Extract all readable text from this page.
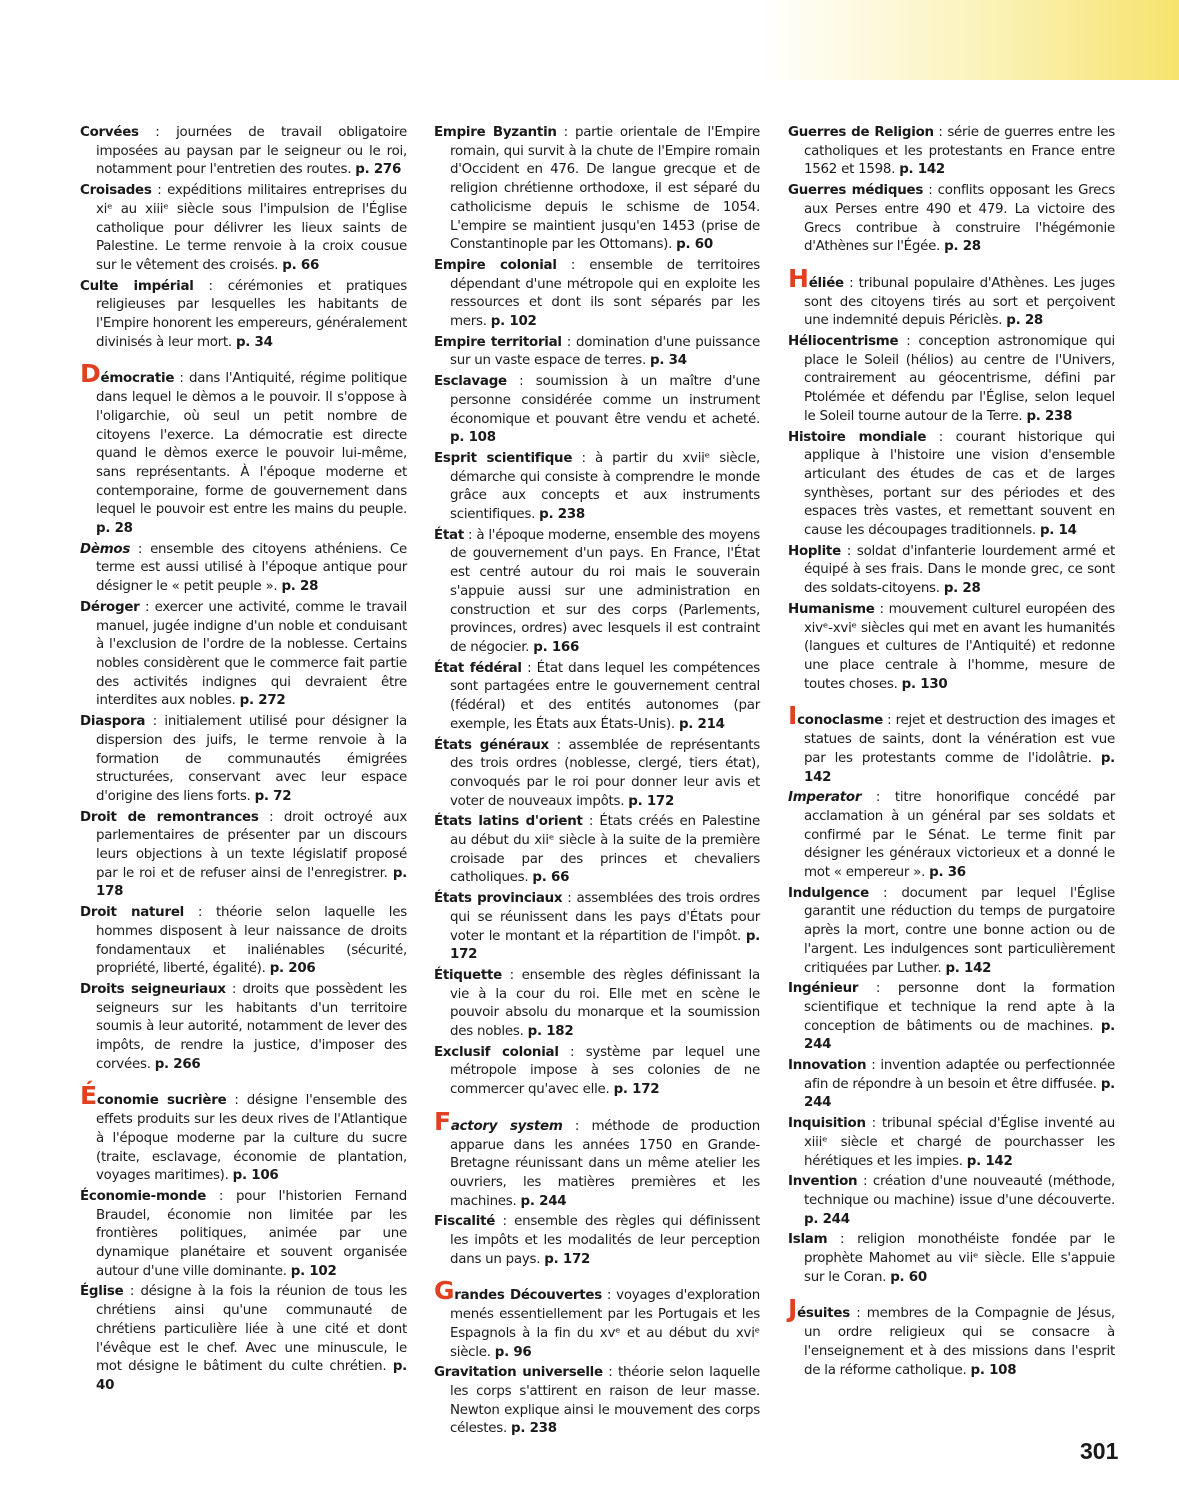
Corvées : journées de travail obligatoire imposées au paysan par le seigneur ou le roi, notamment pour l'entretien des routes. p. 276

Croisades : expéditions militaires entreprises du xiᵉ au xiiiᵉ siècle sous l'impulsion de l'Église catholique pour délivrer les lieux saints de Palestine. Le terme renvoie à la croix cousue sur le vêtement des croisés. p. 66

Culte impérial : cérémonies et pratiques religieuses par lesquelles les habitants de l'Empire honorent les empereurs, généralement divinisés à leur mort. p. 34

Démocratie : dans l'Antiquité, régime politique dans lequel le dèmos a le pouvoir. Il s'oppose à l'oligarchie, où seul un petit nombre de citoyens l'exerce. La démocratie est directe quand le dèmos exerce le pouvoir lui-même, sans représentants. À l'époque moderne et contemporaine, forme de gouvernement dans lequel le pouvoir est entre les mains du peuple. p. 28

Dèmos : ensemble des citoyens athéniens. Ce terme est aussi utilisé à l'époque antique pour désigner le « petit peuple ». p. 28

Déroger : exercer une activité, comme le travail manuel, jugée indigne d'un noble et conduisant à l'exclusion de l'ordre de la noblesse. Certains nobles considèrent que le commerce fait partie des activités indignes qui devraient être interdites aux nobles. p. 272

Diaspora : initialement utilisé pour désigner la dispersion des juifs, le terme renvoie à la formation de communautés émigrées structurées, conservant avec leur espace d'origine des liens forts. p. 72

Droit de remontrances : droit octroyé aux parlementaires de présenter par un discours leurs objections à un texte législatif proposé par le roi et de refuser ainsi de l'enregistrer. p. 178

Droit naturel : théorie selon laquelle les hommes disposent à leur naissance de droits fondamentaux et inaliénables (sécurité, propriété, liberté, égalité). p. 206

Droits seigneuriaux : droits que possèdent les seigneurs sur les habitants d'un territoire soumis à leur autorité, notamment de lever des impôts, de rendre la justice, d'imposer des corvées. p. 266

Économie sucrière : désigne l'ensemble des effets produits sur les deux rives de l'Atlantique à l'époque moderne par la culture du sucre (traite, esclavage, économie de plantation, voyages maritimes). p. 106

Économie-monde : pour l'historien Fernand Braudel, économie non limitée par les frontières politiques, animée par une dynamique planétaire et souvent organisée autour d'une ville dominante. p. 102

Église : désigne à la fois la réunion de tous les chrétiens ainsi qu'une communauté de chrétiens particulière liée à une cité et dont l'évêque est le chef. Avec une minuscule, le mot désigne le bâtiment du culte chrétien. p. 40

Empire Byzantin : partie orientale de l'Empire romain, qui survit à la chute de l'Empire romain d'Occident en 476. De langue grecque et de religion chrétienne orthodoxe, il est séparé du catholicisme depuis le schisme de 1054. L'empire se maintient jusqu'en 1453 (prise de Constantinople par les Ottomans). p. 60

Empire colonial : ensemble de territoires dépendant d'une métropole qui en exploite les ressources et dont ils sont séparés par les mers. p. 102

Empire territorial : domination d'une puissance sur un vaste espace de terres. p. 34

Esclavage : soumission à un maître d'une personne considérée comme un instrument économique et pouvant être vendu et acheté. p. 108

Esprit scientifique : à partir du xviiᵉ siècle, démarche qui consiste à comprendre le monde grâce aux concepts et aux instruments scientifiques. p. 238

État : à l'époque moderne, ensemble des moyens de gouvernement d'un pays. En France, l'État est centré autour du roi mais le souverain s'appuie aussi sur une administration en construction et sur des corps (Parlements, provinces, ordres) avec lesquels il est contraint de négocier. p. 166

État fédéral : État dans lequel les compétences sont partagées entre le gouvernement central (fédéral) et des entités autonomes (par exemple, les États aux États-Unis). p. 214

États généraux : assemblée de représentants des trois ordres (noblesse, clergé, tiers état), convoqués par le roi pour donner leur avis et voter de nouveaux impôts. p. 172

États latins d'orient : États créés en Palestine au début du xiiᵉ siècle à la suite de la première croisade par des princes et chevaliers catholiques. p. 66

États provinciaux : assemblées des trois ordres qui se réunissent dans les pays d'États pour voter le montant et la répartition de l'impôt. p. 172

Étiquette : ensemble des règles définissant la vie à la cour du roi. Elle met en scène le pouvoir absolu du monarque et la soumission des nobles. p. 182

Exclusif colonial : système par lequel une métropole impose à ses colonies de ne commercer qu'avec elle. p. 172

Factory system : méthode de production apparue dans les années 1750 en Grande-Bretagne réunissant dans un même atelier les ouvriers, les matières premières et les machines. p. 244

Fiscalité : ensemble des règles qui définissent les impôts et les modalités de leur perception dans un pays. p. 172

Grandes Découvertes : voyages d'exploration menés essentiellement par les Portugais et les Espagnols à la fin du xvᵉ et au début du xviᵉ siècle. p. 96

Gravitation universelle : théorie selon laquelle les corps s'attirent en raison de leur masse. Newton explique ainsi le mouvement des corps célestes. p. 238

Guerres de Religion : série de guerres entre les catholiques et les protestants en France entre 1562 et 1598. p. 142

Guerres médiques : conflits opposant les Grecs aux Perses entre 490 et 479. La victoire des Grecs contribue à construire l'hégémonie d'Athènes sur l'Égée. p. 28

Héliée : tribunal populaire d'Athènes. Les juges sont des citoyens tirés au sort et perçoivent une indemnité depuis Périclès. p. 28

Héliocentrisme : conception astronomique qui place le Soleil (hélios) au centre de l'Univers, contrairement au géocentrisme, défini par Ptolémée et défendu par l'Église, selon lequel le Soleil tourne autour de la Terre. p. 238

Histoire mondiale : courant historique qui applique à l'histoire une vision d'ensemble articulant des études de cas et de larges synthèses, portant sur des périodes et des espaces très vastes, et remettant souvent en cause les découpages traditionnels. p. 14

Hoplite : soldat d'infanterie lourdement armé et équipé à ses frais. Dans le monde grec, ce sont des soldats-citoyens. p. 28

Humanisme : mouvement culturel européen des xivᵉ-xviᵉ siècles qui met en avant les humanités (langues et cultures de l'Antiquité) et redonne une place centrale à l'homme, mesure de toutes choses. p. 130

Iconoclasme : rejet et destruction des images et statues de saints, dont la vénération est vue par les protestants comme de l'idolâtrie. p. 142

Imperator : titre honorifique concédé par acclamation à un général par ses soldats et confirmé par le Sénat. Le terme finit par désigner les généraux victorieux et a donné le mot « empereur ». p. 36

Indulgence : document par lequel l'Église garantit une réduction du temps de purgatoire après la mort, contre une bonne action ou de l'argent. Les indulgences sont particulièrement critiquées par Luther. p. 142

Ingénieur : personne dont la formation scientifique et technique la rend apte à la conception de bâtiments ou de machines. p. 244

Innovation : invention adaptée ou perfectionnée afin de répondre à un besoin et être diffusée. p. 244

Inquisition : tribunal spécial d'Église inventé au xiiiᵉ siècle et chargé de pourchasser les hérétiques et les impies. p. 142

Invention : création d'une nouveauté (méthode, technique ou machine) issue d'une découverte. p. 244

Islam : religion monothéiste fondée par le prophète Mahomet au viiᵉ siècle. Elle s'appuie sur le Coran. p. 60

Jésuites : membres de la Compagnie de Jésus, un ordre religieux qui se consacre à l'enseignement et à des missions dans l'esprit de la réforme catholique. p. 108

301
